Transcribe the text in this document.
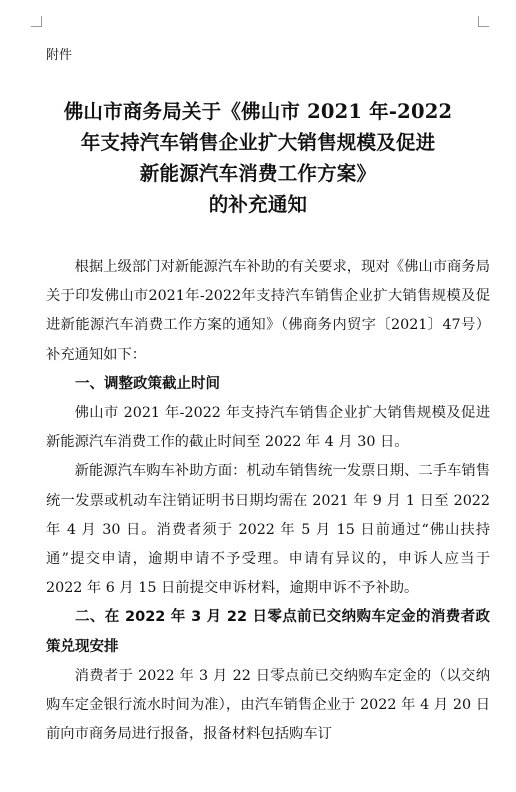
附件
佛山市商务局关于《佛山市 2021 年-2022
年支持汽车销售企业扩大销售规模及促进
新能源汽车消费工作方案》
的补充通知

根据上级部门对新能源汽车补助的有关要求，现对《佛山市商务局关于印发佛山市2021年-2022年支持汽车销售企业扩大销售规模及促进新能源汽车消费工作方案的通知》（佛商务内贸字〔2021〕47号）补充通知如下：

一、调整政策截止时间

佛山市 2021 年-2022 年支持汽车销售企业扩大销售规模及促进新能源汽车消费工作的截止时间至 2022 年 4 月 30 日。

新能源汽车购车补助方面：机动车销售统一发票日期、二手车销售统一发票或机动车注销证明书日期均需在 2021 年 9 月 1 日至 2022 年 4 月 30 日。消费者须于 2022 年 5 月 15 日前通过“佛山扶持通”提交申请，逾期申请不予受理。申请有异议的，申诉人应当于 2022 年 6 月 15 日前提交申诉材料，逾期申诉不予补助。

二、在 2022 年 3 月 22 日零点前已交纳购车定金的消费者政策兑现安排

消费者于 2022 年 3 月 22 日零点前已交纳购车定金的（以交纳购车定金银行流水时间为准），由汽车销售企业于 2022 年 4 月 20 日前向市商务局进行报备，报备材料包括购车订
